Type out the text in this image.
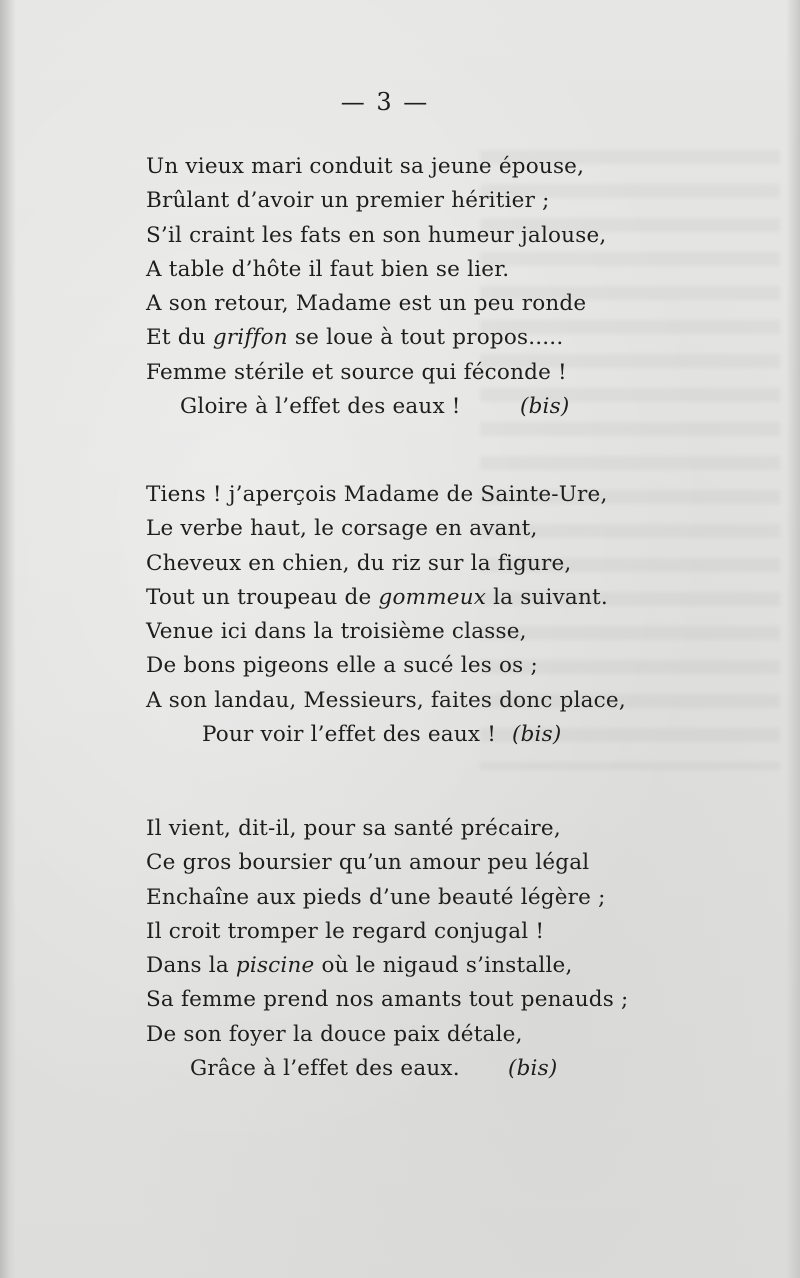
— 3 —
Un vieux mari conduit sa jeune épouse,
Brûlant d’avoir un premier héritier ;
S’il craint les fats en son humeur jalouse,
A table d’hôte il faut bien se lier.
A son retour, Madame est un peu ronde
Et du griffon se loue à tout propos.....
Femme stérile et source qui féconde !
Gloire à l’effet des eaux !	(bis)
Tiens ! j’aperçois Madame de Sainte-Ure,
Le verbe haut, le corsage en avant,
Cheveux en chien, du riz sur la figure,
Tout un troupeau de gommeux la suivant.
Venue ici dans la troisième classe,
De bons pigeons elle a sucé les os ;
A son landau, Messieurs, faites donc place,
Pour voir l’effet des eaux ! (bis)
Il vient, dit-il, pour sa santé précaire,
Ce gros boursier qu’un amour peu légal
Enchaîne aux pieds d’une beauté légère ;
Il croit tromper le regard conjugal !
Dans la piscine où le nigaud s’installe,
Sa femme prend nos amants tout penauds ;
De son foyer la douce paix détale,
Grâce à l’effet des eaux. (bis)
